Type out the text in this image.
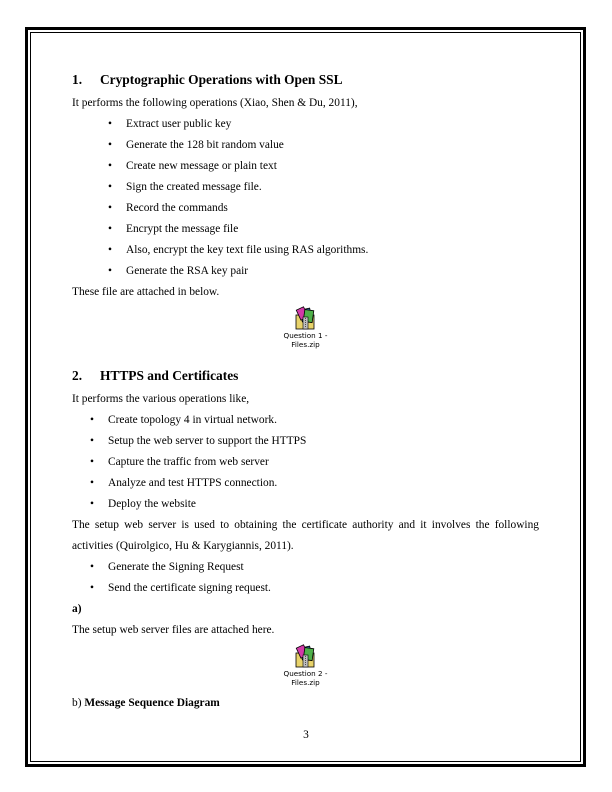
1. Cryptographic Operations with Open SSL

It performs the following operations (Xiao, Shen & Du, 2011),

• Extract user public key
• Generate the 128 bit random value
• Create new message or plain text
• Sign the created message file.
• Record the commands
• Encrypt the message file
• Also, encrypt the key text file using RAS algorithms.
• Generate the RSA key pair

These file are attached in below.

Question 1 -
Files.zip
2. HTTPS and Certificates

It performs the various operations like,

• Create topology 4 in virtual network.
• Setup the web server to support the HTTPS
• Capture the traffic from web server
• Analyze and test HTTPS connection.
• Deploy the website

The setup web server is used to obtaining the certificate authority and it involves the following activities (Quirolgico, Hu & Karygiannis, 2011).

• Generate the Signing Request
• Send the certificate signing request.

a)

The setup web server files are attached here.

Question 2 -
Files.zip

b) Message Sequence Diagram

3
